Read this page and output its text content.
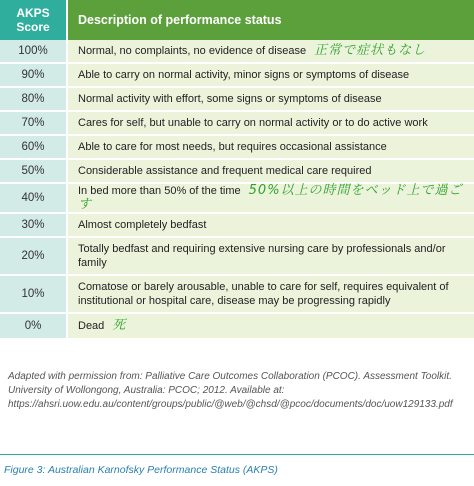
AKPS
Score	Description of performance status
100%	Normal, no complaints, no evidence of disease 正常で症状もなし
90%	Able to carry on normal activity, minor signs or symptoms of disease
80%	Normal activity with effort, some signs or symptoms of disease
70%	Cares for self, but unable to carry on normal activity or to do active work
60%	Able to care for most needs, but requires occasional assistance
50%	Considerable assistance and frequent medical care required
40%	In bed more than 50% of the time 50%以上の時間をベッド上で過ごす
30%	Almost completely bedfast
20%	Totally bedfast and requiring extensive nursing care by professionals and/or family
10%	Comatose or barely arousable, unable to care for self, requires equivalent of institutional or hospital care, disease may be progressing rapidly
0%	Dead 死
Adapted with permission from: Palliative Care Outcomes Collaboration (PCOC). Assessment Toolkit. University of Wollongong, Australia: PCOC; 2012. Available at: https://ahsri.uow.edu.au/content/groups/public/@web/@chsd/@pcoc/documents/doc/uow129133.pdf
Figure 3: Australian Karnofsky Performance Status (AKPS)
